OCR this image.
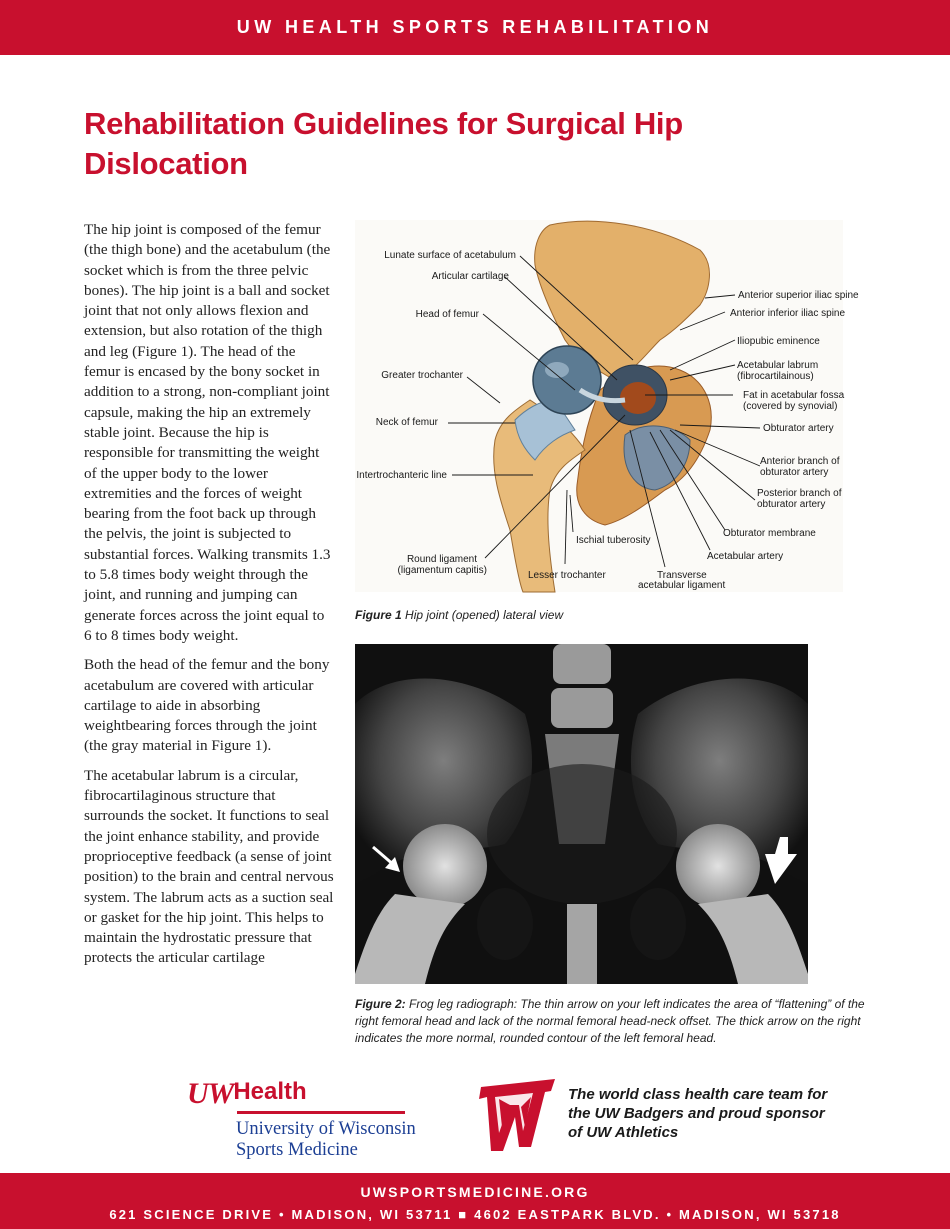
UW HEALTH SPORTS REHABILITATION
Rehabilitation Guidelines for Surgical Hip Dislocation

The hip joint is composed of the femur (the thigh bone) and the acetabulum (the socket which is from the three pelvic bones). The hip joint is a ball and socket joint that not only allows flexion and extension, but also rotation of the thigh and leg (Figure 1). The head of the femur is encased by the bony socket in addition to a strong, non-compliant joint capsule, making the hip an extremely stable joint. Because the hip is responsible for transmitting the weight of the upper body to the lower extremities and the forces of weight bearing from the foot back up through the pelvis, the joint is subjected to substantial forces. Walking transmits 1.3 to 5.8 times body weight through the joint, and running and jumping can generate forces across the joint equal to 6 to 8 times body weight.

Both the head of the femur and the bony acetabulum are covered with articular cartilage to aide in absorbing weightbearing forces through the joint (the gray material in Figure 1).

The acetabular labrum is a circular, fibrocartilaginous structure that surrounds the socket. It functions to seal the joint enhance stability, and provide proprioceptive feedback (a sense of joint position) to the brain and central nervous system. The labrum acts as a suction seal or gasket for the hip joint. This helps to maintain the hydrostatic pressure that protects the articular cartilage

Lunate surface of acetabulum
Articular cartilage
Head of femur
Greater trochanter
Neck of femur
Intertrochanteric line
Round ligament
(ligamentum capitis)	Lesser trochanter
Ischial tuberosity
Transverse
acetabular ligament
Acetabular artery
Obturator membrane
Posterior branch of
obturator artery
Anterior branch of
obturator artery
Obturator artery
Fat in acetabular fossa
(covered by synovial)
Acetabular labrum
(fibrocartilainous)
Iliopubic eminence
Anterior inferior iliac spine
Anterior superior iliac spine
Figure 1 Hip joint (opened) lateral view
Figure 2: Frog leg radiograph: The thin arrow on your left indicates the area of “flattening” of the right femoral head and lack of the normal femoral head-neck offset. The thick arrow on the right indicates the more normal, rounded contour of the left femoral head.
UWHealth
University of Wisconsin
Sports Medicine
The world class health care team for the UW Badgers and proud sponsor of UW Athletics
UWSPORTSMEDICINE.ORG
621 SCIENCE DRIVE • MADISON, WI 53711 ■ 4602 EASTPARK BLVD. • MADISON, WI 53718
